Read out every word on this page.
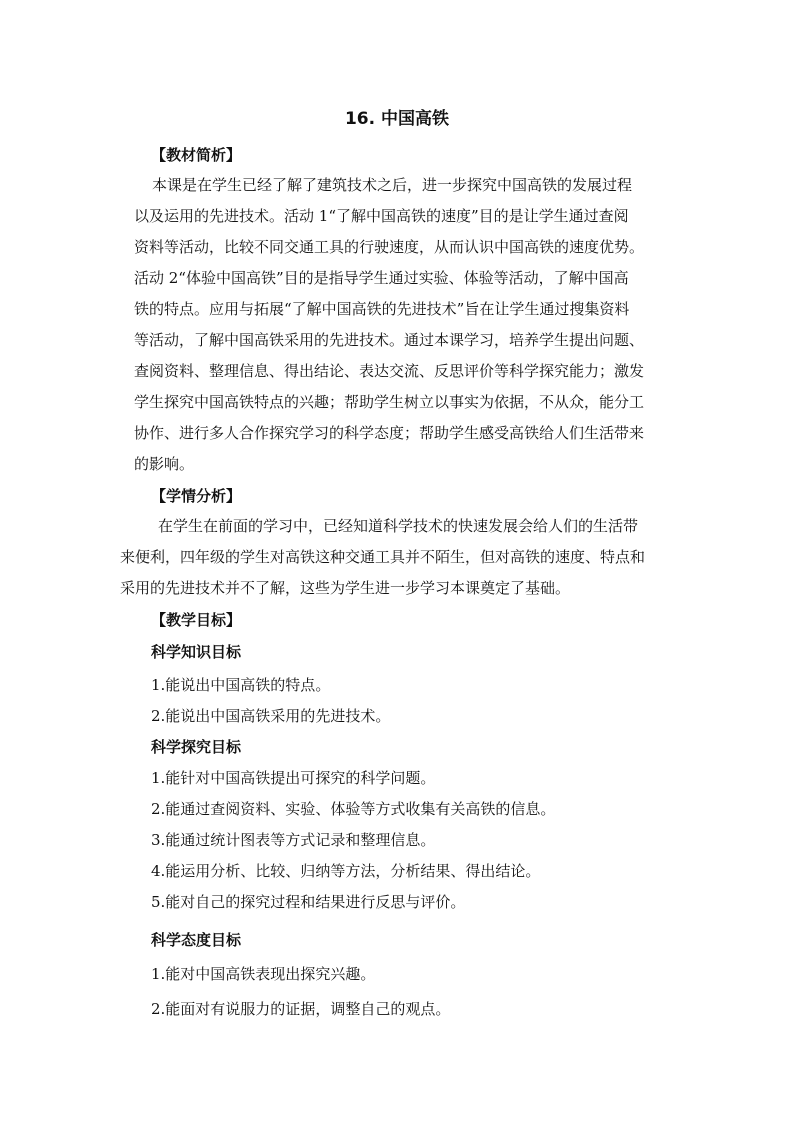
16. 中国高铁
【教材简析】
本课是在学生已经了解了建筑技术之后，进一步探究中国高铁的发展过程
以及运用的先进技术。活动 1“了解中国高铁的速度”目的是让学生通过查阅
资料等活动，比较不同交通工具的行驶速度，从而认识中国高铁的速度优势。
活动 2“体验中国高铁”目的是指导学生通过实验、体验等活动，了解中国高
铁的特点。应用与拓展“了解中国高铁的先进技术”旨在让学生通过搜集资料
等活动，了解中国高铁采用的先进技术。通过本课学习，培养学生提出问题、
查阅资料、整理信息、得出结论、表达交流、反思评价等科学探究能力；激发
学生探究中国高铁特点的兴趣；帮助学生树立以事实为依据，不从众，能分工
协作、进行多人合作探究学习的科学态度；帮助学生感受高铁给人们生活带来
的影响。
【学情分析】
在学生在前面的学习中，已经知道科学技术的快速发展会给人们的生活带
来便利，四年级的学生对高铁这种交通工具并不陌生，但对高铁的速度、特点和
采用的先进技术并不了解，这些为学生进一步学习本课奠定了基础。
【教学目标】
科学知识目标
1.能说出中国高铁的特点。
2.能说出中国高铁采用的先进技术。
科学探究目标
1.能针对中国高铁提出可探究的科学问题。
2.能通过查阅资料、实验、体验等方式收集有关高铁的信息。
3.能通过统计图表等方式记录和整理信息。
4.能运用分析、比较、归纳等方法，分析结果、得出结论。
5.能对自己的探究过程和结果进行反思与评价。
科学态度目标
1.能对中国高铁表现出探究兴趣。
2.能面对有说服力的证据，调整自己的观点。
